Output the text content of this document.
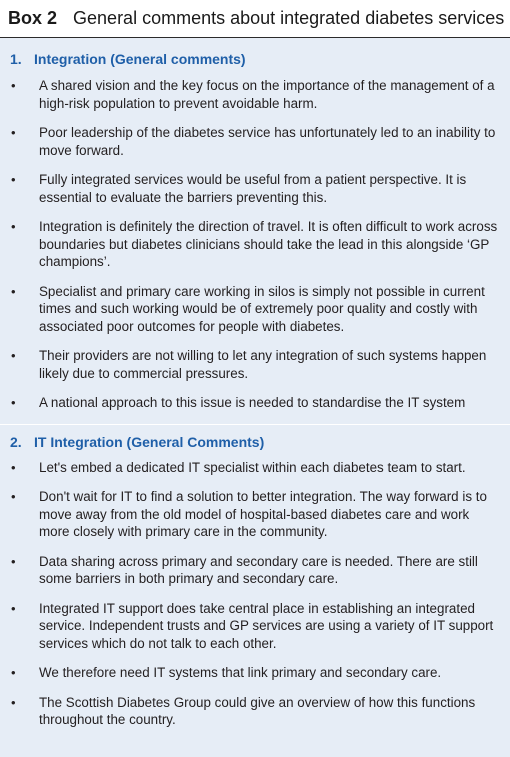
Box 2 General comments about integrated diabetes services
1. Integration (General comments)
• A shared vision and the key focus on the importance of the management of a high-risk population to prevent avoidable harm.
• Poor leadership of the diabetes service has unfortunately led to an inability to move forward.
• Fully integrated services would be useful from a patient perspective. It is essential to evaluate the barriers preventing this.
• Integration is definitely the direction of travel. It is often difficult to work across boundaries but diabetes clinicians should take the lead in this alongside ‘GP champions’.
• Specialist and primary care working in silos is simply not possible in current times and such working would be of extremely poor quality and costly with associated poor outcomes for people with diabetes.
• Their providers are not willing to let any integration of such systems happen likely due to commercial pressures.
• A national approach to this issue is needed to standardise the IT system
2. IT Integration (General Comments)
• Let's embed a dedicated IT specialist within each diabetes team to start.
• Don't wait for IT to find a solution to better integration. The way forward is to move away from the old model of hospital-based diabetes care and work more closely with primary care in the community.
• Data sharing across primary and secondary care is needed. There are still some barriers in both primary and secondary care.
• Integrated IT support does take central place in establishing an integrated service. Independent trusts and GP services are using a variety of IT support services which do not talk to each other.
• We therefore need IT systems that link primary and secondary care.
• The Scottish Diabetes Group could give an overview of how this functions throughout the country.
